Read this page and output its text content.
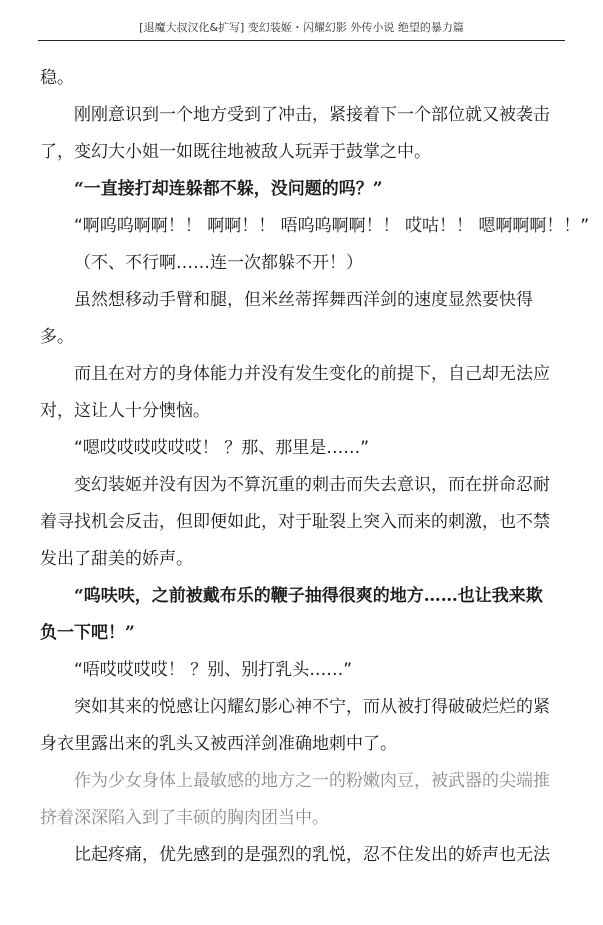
[退魔大叔汉化&扩写] 变幻装姬・闪耀幻影 外传小说 绝望的暴力篇
稳。
刚刚意识到一个地方受到了冲击，紧接着下一个部位就又被袭击
了，变幻大小姐一如既往地被敌人玩弄于鼓掌之中。
“一直接打却连躲都不躲，没问题的吗？”
“啊呜呜啊啊！！ 啊啊！！ 唔呜呜啊啊！！ 哎咕！！ 嗯啊啊啊！！”
（不、不行啊……连一次都躲不开！）
虽然想移动手臂和腿，但米丝蒂挥舞西洋剑的速度显然要快得
多。
而且在对方的身体能力并没有发生变化的前提下，自己却无法应
对，这让人十分懊恼。
“嗯哎哎哎哎哎哎！ ？那、那里是……”
变幻装姬并没有因为不算沉重的刺击而失去意识，而在拼命忍耐
着寻找机会反击，但即便如此，对于耻裂上突入而来的刺激，也不禁
发出了甜美的娇声。
“呜呋呋，之前被戴布乐的鞭子抽得很爽的地方……也让我来欺
负一下吧！”
“唔哎哎哎哎！ ？别、别打乳头……”
突如其来的悦感让闪耀幻影心神不宁，而从被打得破破烂烂的紧
身衣里露出来的乳头又被西洋剑准确地刺中了。
作为少女身体上最敏感的地方之一的粉嫩肉豆，被武器的尖端推
挤着深深陷入到了丰硕的胸肉团当中。
比起疼痛，优先感到的是强烈的乳悦，忍不住发出的娇声也无法
